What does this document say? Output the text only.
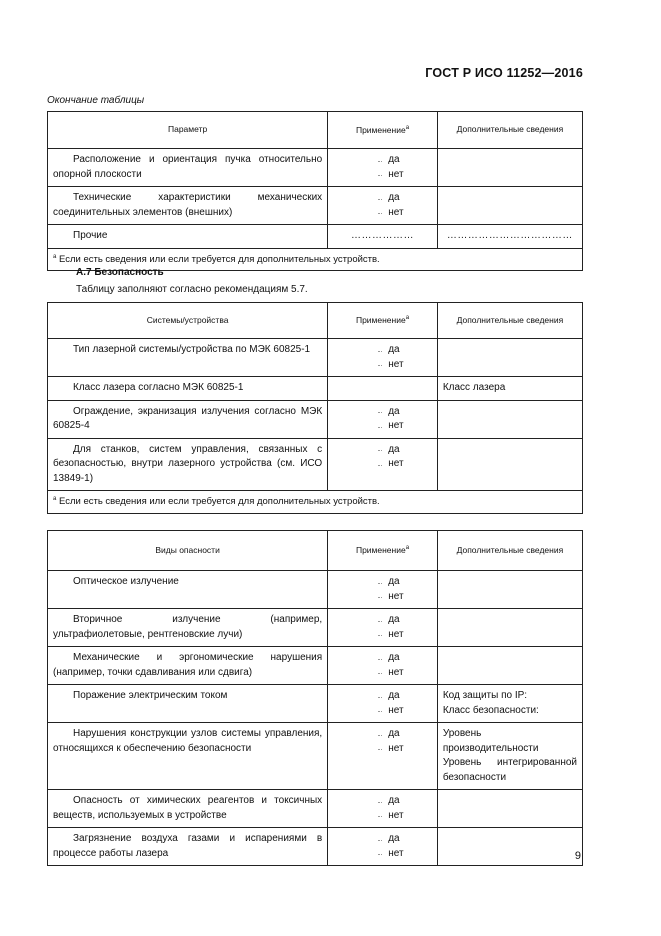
ГОСТ Р ИСО 11252—2016
Окончание таблицы
Параметр	Применение$^а$	Дополнительные сведения
Расположение и ориентация пучка относительно опорной плоскости	да
нет	

Технические характеристики механических соединительных элементов (внешних)	да
нет	

Прочие	………………	………………………………

$^а$ Если есть сведения или если требуется для дополнительных устройств.		
A.7 Безопасность
Таблицу заполняют согласно рекомендациям 5.7.
Системы/устройства	Применение$^а$	Дополнительные сведения
Тип лазерной системы/устройства по МЭК 60825-1	да
нет	

Класс лазера согласно МЭК 60825-1		Класс лазера
Ограждение, экранизация излучения согласно МЭК 60825-4	да
нет	

Для станков, систем управления, связанных с безопасностью, внутри лазерного устройства (см. ИСО 13849-1)	да
нет	

$^а$ Если есть сведения или если требуется для дополнительных устройств.		
Виды опасности	Применение$^а$	Дополнительные сведения
Оптическое излучение	да
нет	

Вторичное излучение (например, ультрафиолетовые, рентгеновские лучи)	да
нет	

Механические и эргономические нарушения (например, точки сдавливания или сдвига)	да
нет	

Поражение электрическим током	да
нет	Код защиты по IP:
Класс безопасности:
Нарушения конструкции узлов системы управления, относящихся к обеспечению безопасности	да
нет	Уровень производительности
Уровень интегрированной безопасности
Опасность от химических реагентов и токсичных веществ, используемых в устройстве	да
нет	

Загрязнение воздуха газами и испарениями в процессе работы лазера	да
нет	
		9
